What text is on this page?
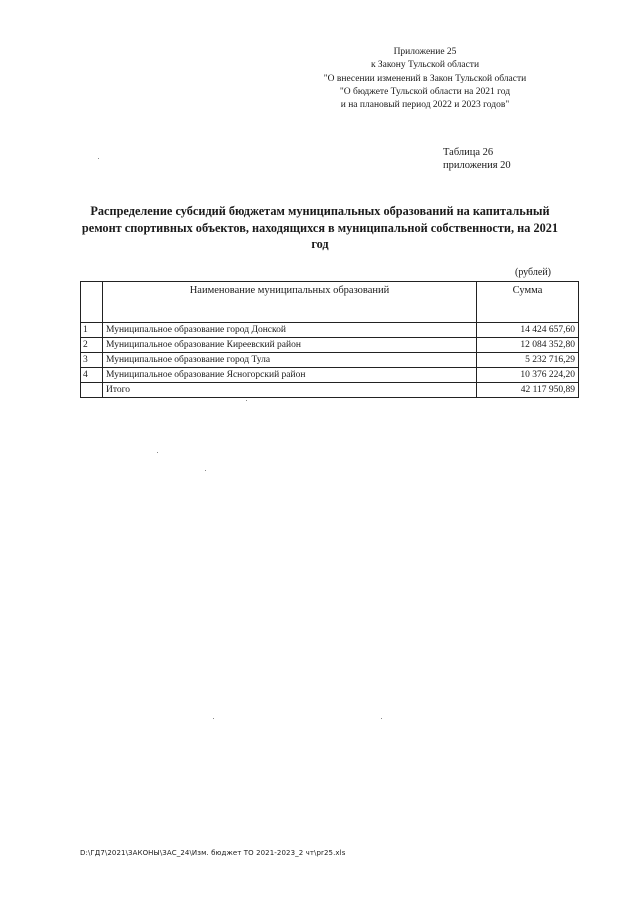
Приложение 25
к Закону Тульской области
"О внесении изменений в Закон Тульской области
"О бюджете Тульской области на 2021 год
и на плановый период 2022 и 2023 годов"
Таблица 26
приложения 20
Распределение субсидий бюджетам муниципальных образований на капитальный ремонт спортивных объектов, находящихся в муниципальной собственности, на 2021 год
(рублей)
	Наименование муниципальных образований	Сумма
1	Муниципальное образование город Донской	14 424 657,60
2	Муниципальное образование Киреевский район	12 084 352,80
3	Муниципальное образование город Тула	5 232 716,29
4	Муниципальное образование Ясногорский район	10 376 224,20
	Итого	42 117 950,89
D:\ГД7\2021\ЗАКОНЫ\ЗАС_24\Изм. бюджет ТО 2021-2023_2 чт\pr25.xls
